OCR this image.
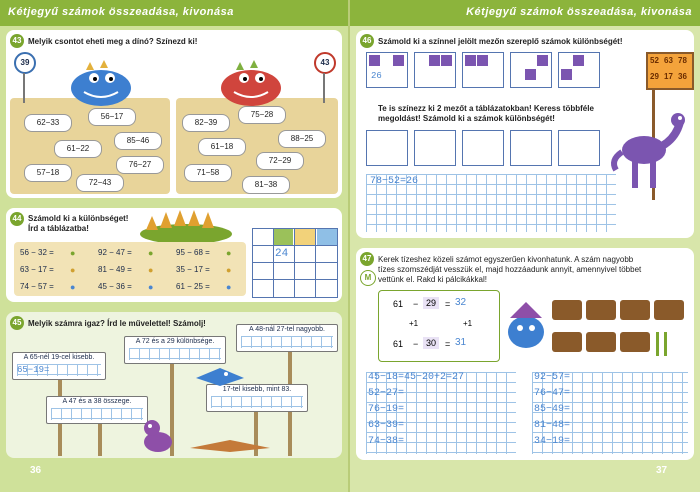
Kétjegyű számok összeadása, kivonása
43 Melyik csontot eheti meg a dínó? Színezd ki!
39	43
56−17
62−33
85−46
61−22
76−27
57−18
72−43
75−28
82−39
88−25
61−18
72−29
71−58
81−38
44 Számold ki a különbséget!
Írd a táblázatba!
56 − 32 =	92 − 47 =	95 − 68 =
63 − 17 =	81 − 49 =	35 − 17 =
74 − 57 =	45 − 36 =	61 − 25 =
●	●	●
●	●	●
●	●	●
24
45 Melyik számra igaz? Írd le műveletteI! Számolj!
A 65-nél 19-cel kisebb.
65−19=
A 72 és a 29 különbsége.
A 48-nál 27-tel nagyobb.
A 47 és a 38 összege.
17-tel kisebb, mint 83.
36
Kétjegyű számok összeadása, kivonása
46 Számold ki a színnel jelölt mezőn szereplő számok különbségét!
26
52 63 78
29 17 36
Te is színezz ki 2 mezőt a táblázatokban! Keress többféle
megoldást! Számold ki a számok különbségét!
78−52=26
47
M
Kerek tízeshez közeli számot egyszerűen kivonhatunk. A szám nagyobb
tízes szomszédját vesszük el, majd hozzáadunk annyit, amennyivel többet
vettünk el. Rakd ki pálcikákkal!
61 − 29 = 32
+1	+1
61 − 30 = 31
45−18=45−20+2=27
52−27=
76−19=
63−39=
74−38=
92−57=
76−47=
85−49=
81−48=
34−19=
37
